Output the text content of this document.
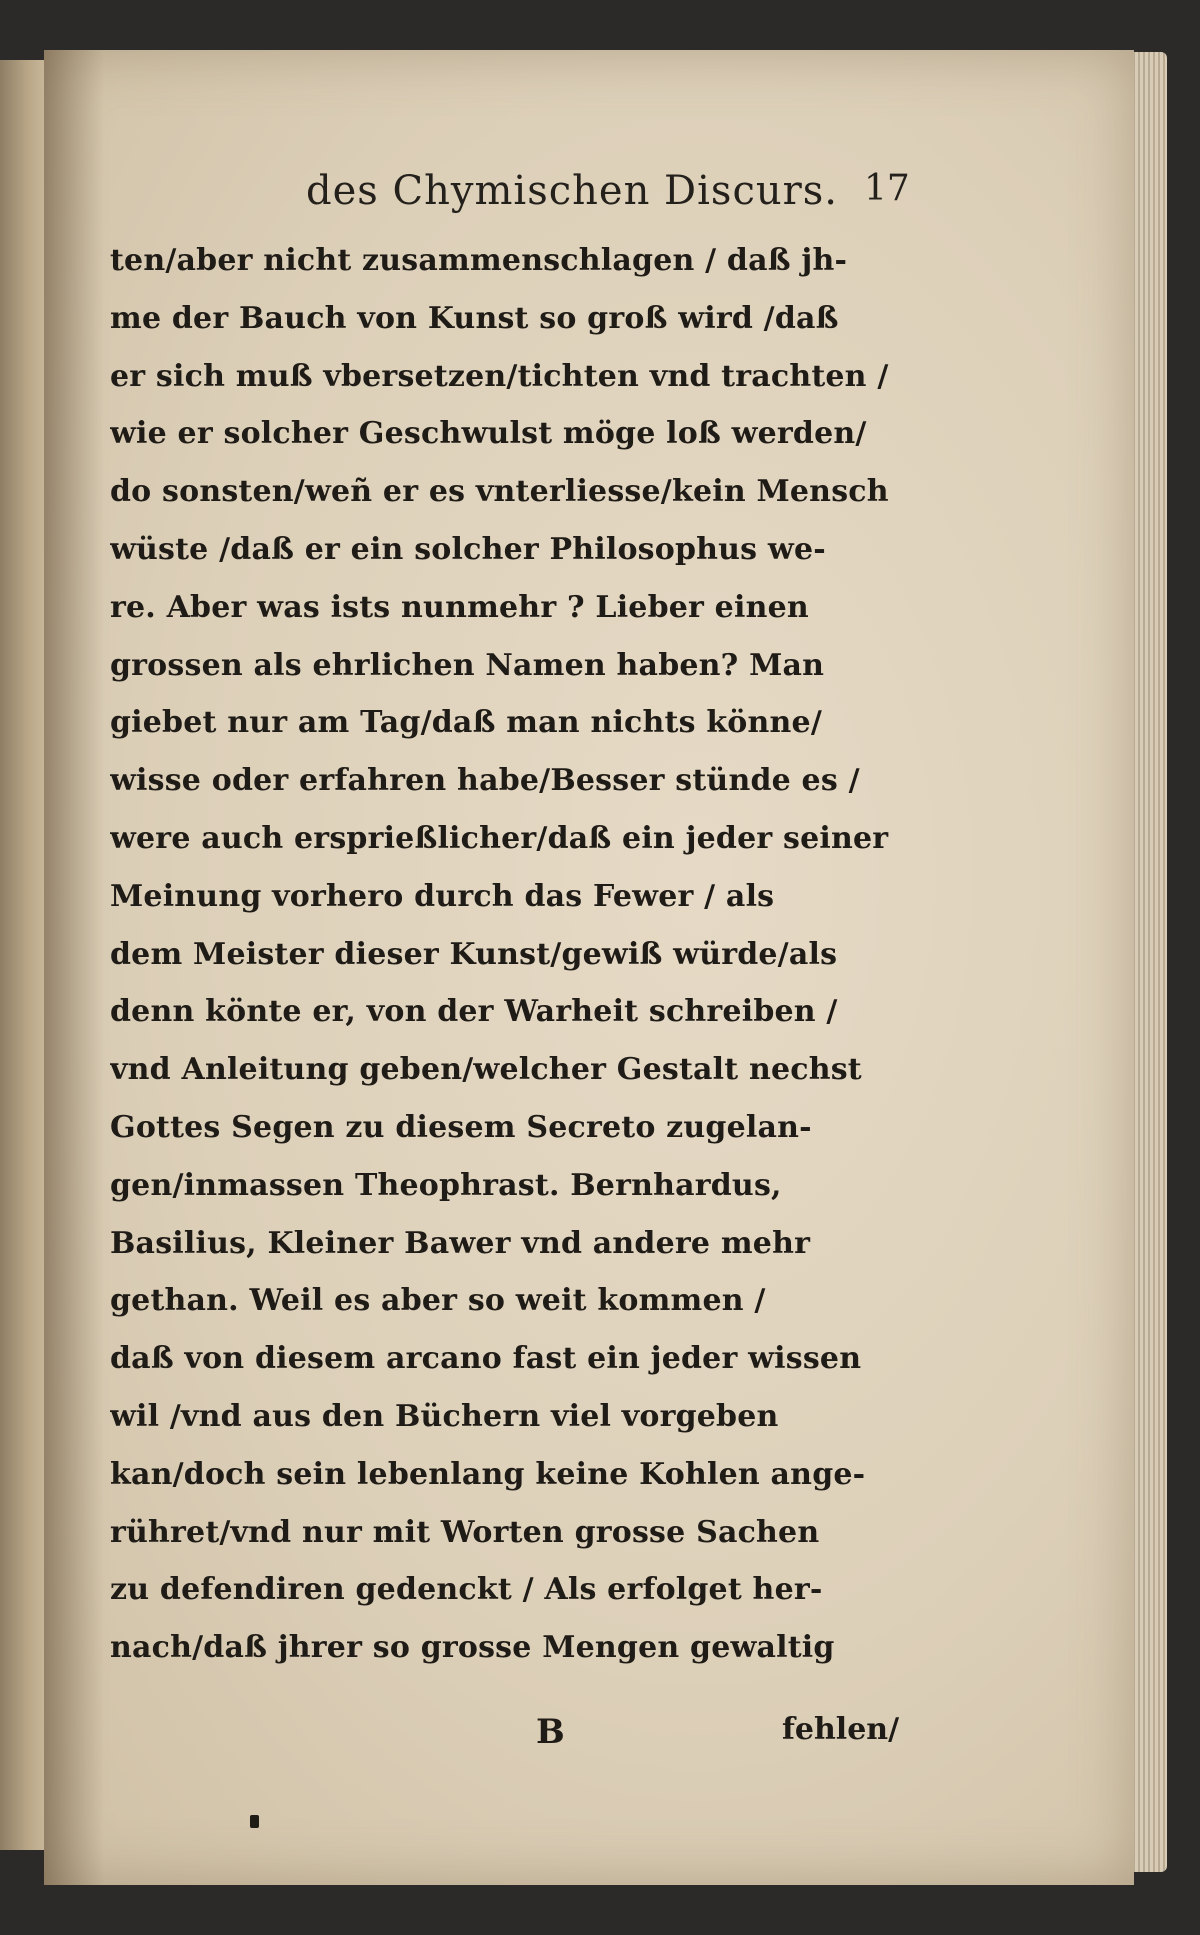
des Chymischen Discurs. 17
ten/aber nicht zusammenschlagen / daß jh-
me der Bauch von Kunst so groß wird /daß
er sich muß vbersetzen/tichten vnd trachten /
wie er solcher Geschwulst möge loß werden/
do sonsten/weñ er es vnterliesse/kein Mensch
wüste /daß er ein solcher Philosophus we-
re. Aber was ists nunmehr ? Lieber einen
grossen als ehrlichen Namen haben? Man
giebet nur am Tag/daß man nichts könne/
wisse oder erfahren habe/Besser stünde es /
were auch ersprießlicher/daß ein jeder seiner
Meinung vorhero durch das Fewer / als
dem Meister dieser Kunst/gewiß würde/als
denn könte er, von der Warheit schreiben /
vnd Anleitung geben/welcher Gestalt nechst
Gottes Segen zu diesem Secreto zugelan-
gen/inmassen Theophrast. Bernhardus,
Basilius, Kleiner Bawer vnd andere mehr
gethan. Weil es aber so weit kommen /
daß von diesem arcano fast ein jeder wissen
wil /vnd aus den Büchern viel vorgeben
kan/doch sein lebenlang keine Kohlen ange-
rühret/vnd nur mit Worten grosse Sachen
zu defendiren gedenckt / Als erfolget her-
nach/daß jhrer so grosse Mengen gewaltig
B	fehlen/
